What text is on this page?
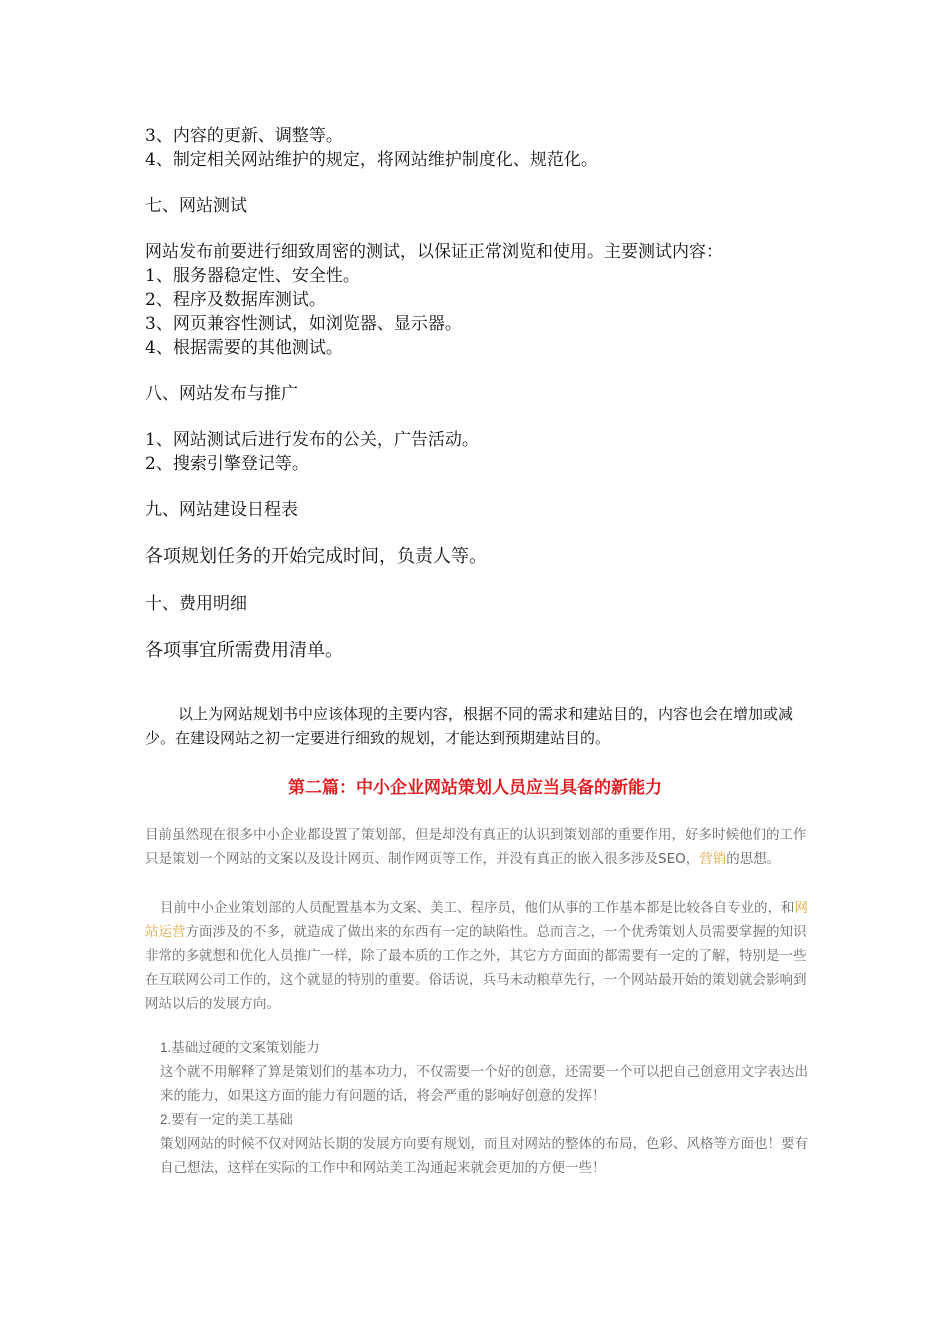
3、内容的更新、调整等。

4、制定相关网站维护的规定，将网站维护制度化、规范化。

七、网站测试

网站发布前要进行细致周密的测试，以保证正常浏览和使用。主要测试内容：

1、服务器稳定性、安全性。

2、程序及数据库测试。

3、网页兼容性测试，如浏览器、显示器。

4、根据需要的其他测试。

八、网站发布与推广

1、网站测试后进行发布的公关，广告活动。

2、搜索引擎登记等。

九、网站建设日程表

各项规划任务的开始完成时间，负责人等。

十、费用明细

各项事宜所需费用清单。

以上为网站规划书中应该体现的主要内容，根据不同的需求和建站目的，内容也会在增加或减少。在建设网站之初一定要进行细致的规划，才能达到预期建站目的。

第二篇：中小企业网站策划人员应当具备的新能力

目前虽然现在很多中小企业都设置了策划部，但是却没有真正的认识到策划部的重要作用，好多时候他们的工作只是策划一个网站的文案以及设计网页、制作网页等工作，并没有真正的嵌入很多涉及SEO，营销的思想。

目前中小企业策划部的人员配置基本为文案、美工、程序员，他们从事的工作基本都是比较各自专业的，和网站运营方面涉及的不多，就造成了做出来的东西有一定的缺陷性。总而言之，一个优秀策划人员需要掌握的知识非常的多就想和优化人员推广一样，除了最本质的工作之外，其它方方面面的都需要有一定的了解，特别是一些在互联网公司工作的，这个就显的特别的重要。俗话说，兵马未动粮草先行，一个网站最开始的策划就会影响到网站以后的发展方向。

1.基础过硬的文案策划能力

这个就不用解释了算是策划们的基本功力，不仅需要一个好的创意，还需要一个可以把自己创意用文字表达出来的能力，如果这方面的能力有问题的话，将会严重的影响好创意的发挥！

2.要有一定的美工基础

策划网站的时候不仅对网站长期的发展方向要有规划，而且对网站的整体的布局，色彩、风格等方面也！要有自己想法，这样在实际的工作中和网站美工沟通起来就会更加的方便一些！
